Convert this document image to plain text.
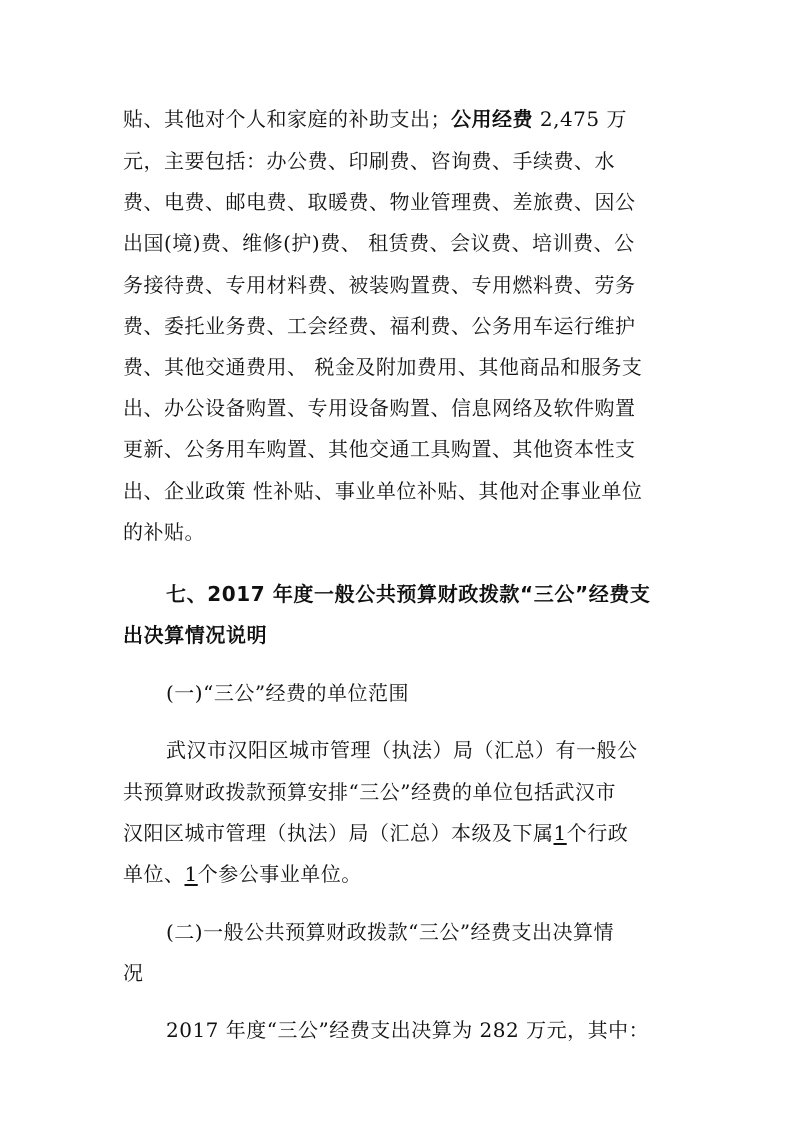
贴、其他对个人和家庭的补助支出；公用经费 2,475 万
元，主要包括：办公费、印刷费、咨询费、手续费、水
费、电费、邮电费、取暖费、物业管理费、差旅费、因公
出国(境)费、维修(护)费、 租赁费、会议费、培训费、公
务接待费、专用材料费、被装购置费、专用燃料费、劳务
费、委托业务费、工会经费、福利费、公务用车运行维护
费、其他交通费用、 税金及附加费用、其他商品和服务支
出、办公设备购置、专用设备购置、信息网络及软件购置
更新、公务用车购置、其他交通工具购置、其他资本性支
出、企业政策 性补贴、事业单位补贴、其他对企事业单位
的补贴。
七、2017 年度一般公共预算财政拨款“三公”经费支
出决算情况说明
(一)“三公”经费的单位范围
武汉市汉阳区城市管理（执法）局（汇总）有一般公
共预算财政拨款预算安排“三公”经费的单位包括武汉市
汉阳区城市管理（执法）局（汇总）本级及下属1个行政
单位、1个参公事业单位。
(二)一般公共预算财政拨款“三公”经费支出决算情
况
2017 年度“三公”经费支出决算为 282 万元，其中：
